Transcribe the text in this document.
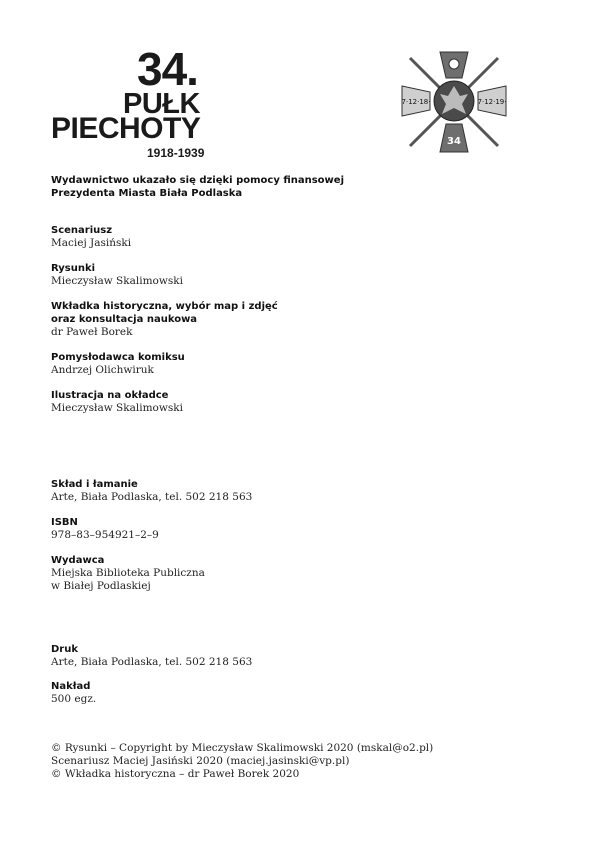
34.
PUŁK
PIECHOTY
1918-1939
7·12·18·	7·12·19·
34
Wydawnictwo ukazało się dzięki pomocy finansowej
Prezydenta Miasta Biała Podlaska
Scenariusz
Maciej Jasiński
Rysunki
Mieczysław Skalimowski
Wkładka historyczna, wybór map i zdjęć
oraz konsultacja naukowa
dr Paweł Borek
Pomysłodawca komiksu
Andrzej Olichwiruk
Ilustracja na okładce
Mieczysław Skalimowski
Skład i łamanie
Arte, Biała Podlaska, tel. 502 218 563
ISBN
978–83–954921–2–9
Wydawca
Miejska Biblioteka Publiczna
w Białej Podlaskiej
Druk
Arte, Biała Podlaska, tel. 502 218 563
Nakład
500 egz.
© Rysunki – Copyright by Mieczysław Skalimowski 2020 (mskal@o2.pl)
Scenariusz Maciej Jasiński 2020 (maciej.jasinski@vp.pl)
© Wkładka historyczna – dr Paweł Borek 2020
